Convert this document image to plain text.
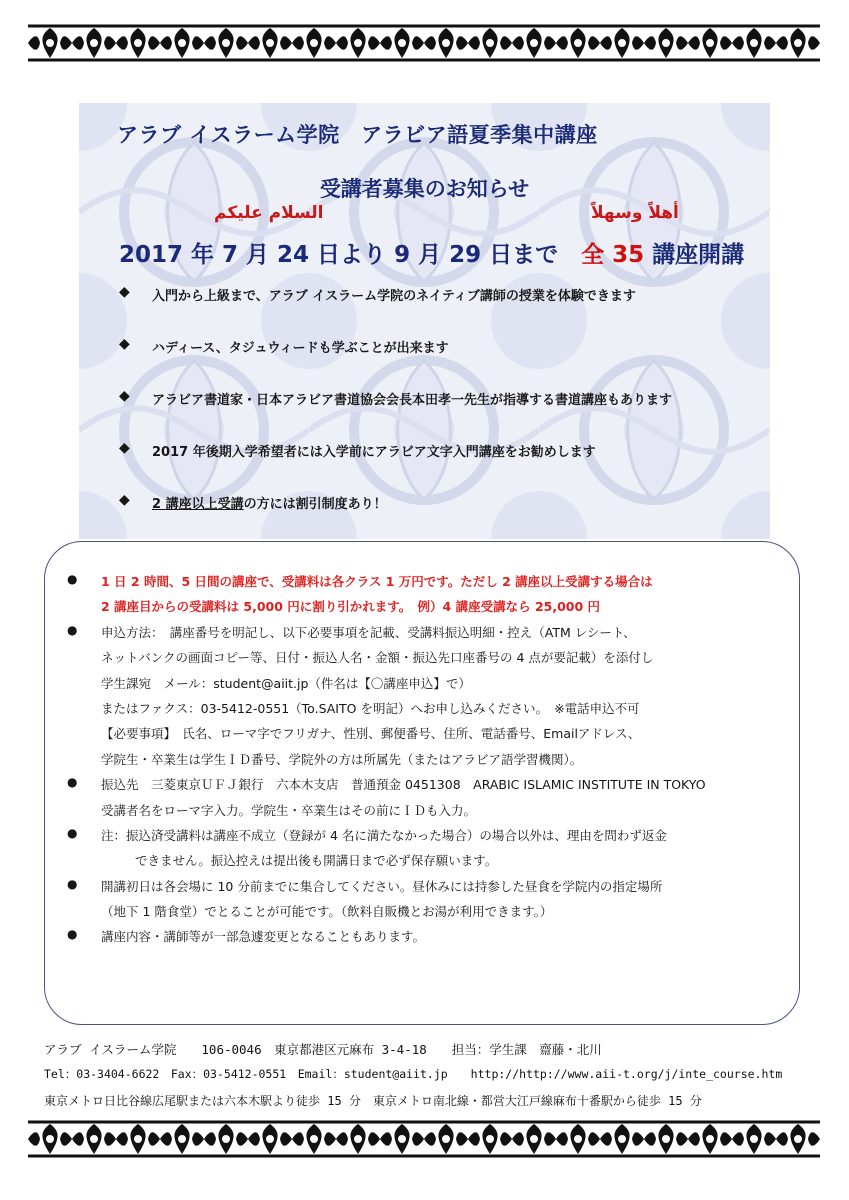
アラブ イスラーム学院　アラビア語夏季集中講座
受講者募集のお知らせ
السلام عليكم	أهلاً وسهلاً
2017 年 7 月 24 日より 9 月 29 日まで　全 35 講座開講
◆ 入門から上級まで、アラブ イスラーム学院のネイティブ講師の授業を体験できます
◆ ハディース、タジュウィードも学ぶことが出来ます
◆ アラビア書道家・日本アラビア書道協会会長本田孝一先生が指導する書道講座もあります
◆ 2017 年後期入学希望者には入学前にアラビア文字入門講座をお勧めします
◆ 2 講座以上受講の方には割引制度あり！
● 1 日 2 時間、5 日間の講座で、受講料は各クラス 1 万円です。ただし 2 講座以上受講する場合は
2 講座目からの受講料は 5,000 円に割り引かれます。　例）4 講座受講なら 25,000 円
● 申込方法：　講座番号を明記し、以下必要事項を記載、受講料振込明細・控え（ATM レシート、
ネットバンクの画面コピー等、日付・振込人名・金額・振込先口座番号の 4 点が要記載）を添付し
学生課宛　メール：student@aiit.jp（件名は【〇講座申込】で）
またはファクス：03-5412-0551（To.SAITO を明記）へお申し込みください。　※電話申込不可
【必要事項】　氏名、ローマ字でフリガナ、性別、郵便番号、住所、電話番号、Emailアドレス、
学院生・卒業生は学生ＩＤ番号、学院外の方は所属先（またはアラビア語学習機関）。
● 振込先　三菱東京ＵＦＪ銀行　六本木支店　普通預金 0451308　ARABIC ISLAMIC INSTITUTE IN TOKYO
受講者名をローマ字入力。学院生・卒業生はその前にＩＤも入力。
● 注：振込済受講料は講座不成立（登録が 4 名に満たなかった場合）の場合以外は、理由を問わず返金
できません。振込控えは提出後も開講日まで必ず保存願います。
● 開講初日は各会場に 10 分前までに集合してください。昼休みには持参した昼食を学院内の指定場所
（地下 1 階食堂）でとることが可能です。（飲料自販機とお湯が利用できます。）
● 講座内容・講師等が一部急遽変更となることもあります。
アラブ イスラーム学院　　106-0046　東京都港区元麻布 3-4-18　　担当：学生課　齋藤・北川
Tel：03-3404-6622　Fax：03-5412-0551　Email：student@aiit.jp　　http://http://www.aii-t.org/j/inte_course.htm
東京メトロ日比谷線広尾駅または六本木駅より徒歩 15 分　東京メトロ南北線・都営大江戸線麻布十番駅から徒歩 15 分
